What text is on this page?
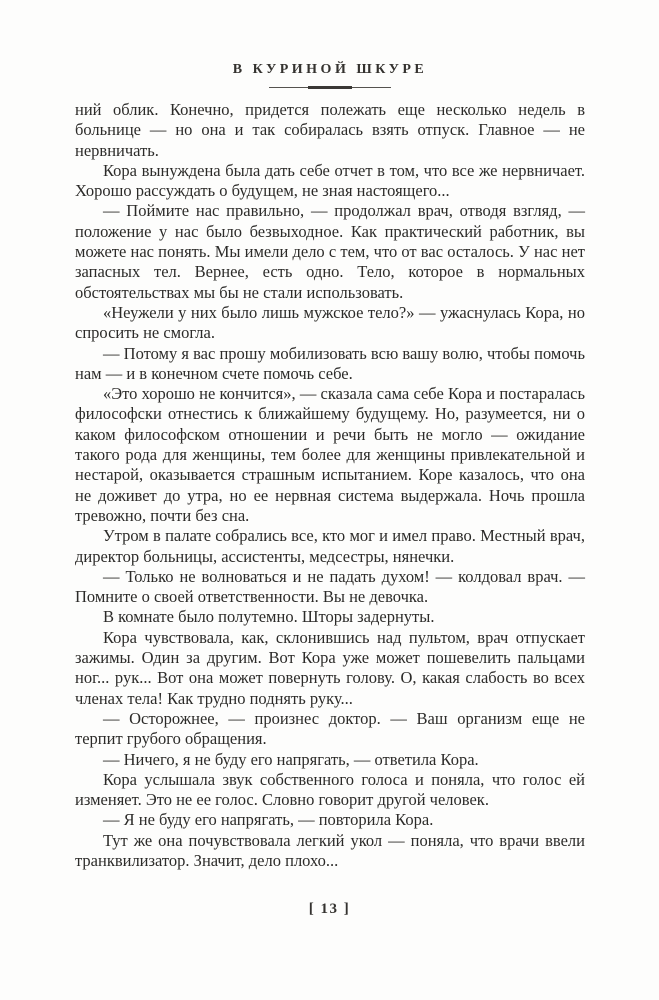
В КУРИНОЙ ШКУРЕ

ний облик. Конечно, придется полежать еще несколько недель в больнице — но она и так собиралась взять отпуск. Главное — не нервничать.

Кора вынуждена была дать себе отчет в том, что все же нервничает. Хорошо рассуждать о будущем, не зная настоящего...

— Поймите нас правильно, — продолжал врач, отводя взгляд, — положение у нас было безвыходное. Как практический работник, вы можете нас понять. Мы имели дело с тем, что от вас осталось. У нас нет запасных тел. Вернее, есть одно. Тело, которое в нормальных обстоятельствах мы бы не стали использовать.

«Неужели у них было лишь мужское тело?» — ужаснулась Кора, но спросить не смогла.

— Потому я вас прошу мобилизовать всю вашу волю, чтобы помочь нам — и в конечном счете помочь себе.

«Это хорошо не кончится», — сказала сама себе Кора и постаралась философски отнестись к ближайшему будущему. Но, разумеется, ни о каком философском отношении и речи быть не могло — ожидание такого рода для женщины, тем более для женщины привлекательной и нестарой, оказывается страшным испытанием. Коре казалось, что она не доживет до утра, но ее нервная система выдержала. Ночь прошла тревожно, почти без сна.

Утром в палате собрались все, кто мог и имел право. Местный врач, директор больницы, ассистенты, медсестры, нянечки.

— Только не волноваться и не падать духом! — колдовал врач. — Помните о своей ответственности. Вы не девочка.

В комнате было полутемно. Шторы задернуты.

Кора чувствовала, как, склонившись над пультом, врач отпускает зажимы. Один за другим. Вот Кора уже может пошевелить пальцами ног... рук... Вот она может повернуть голову. О, какая слабость во всех членах тела! Как трудно поднять руку...

— Осторожнее, — произнес доктор. — Ваш организм еще не терпит грубого обращения.

— Ничего, я не буду его напрягать, — ответила Кора.

Кора услышала звук собственного голоса и поняла, что голос ей изменяет. Это не ее голос. Словно говорит другой человек.

— Я не буду его напрягать, — повторила Кора.

Тут же она почувствовала легкий укол — поняла, что врачи ввели транквилизатор. Значит, дело плохо...

[ 13 ]
